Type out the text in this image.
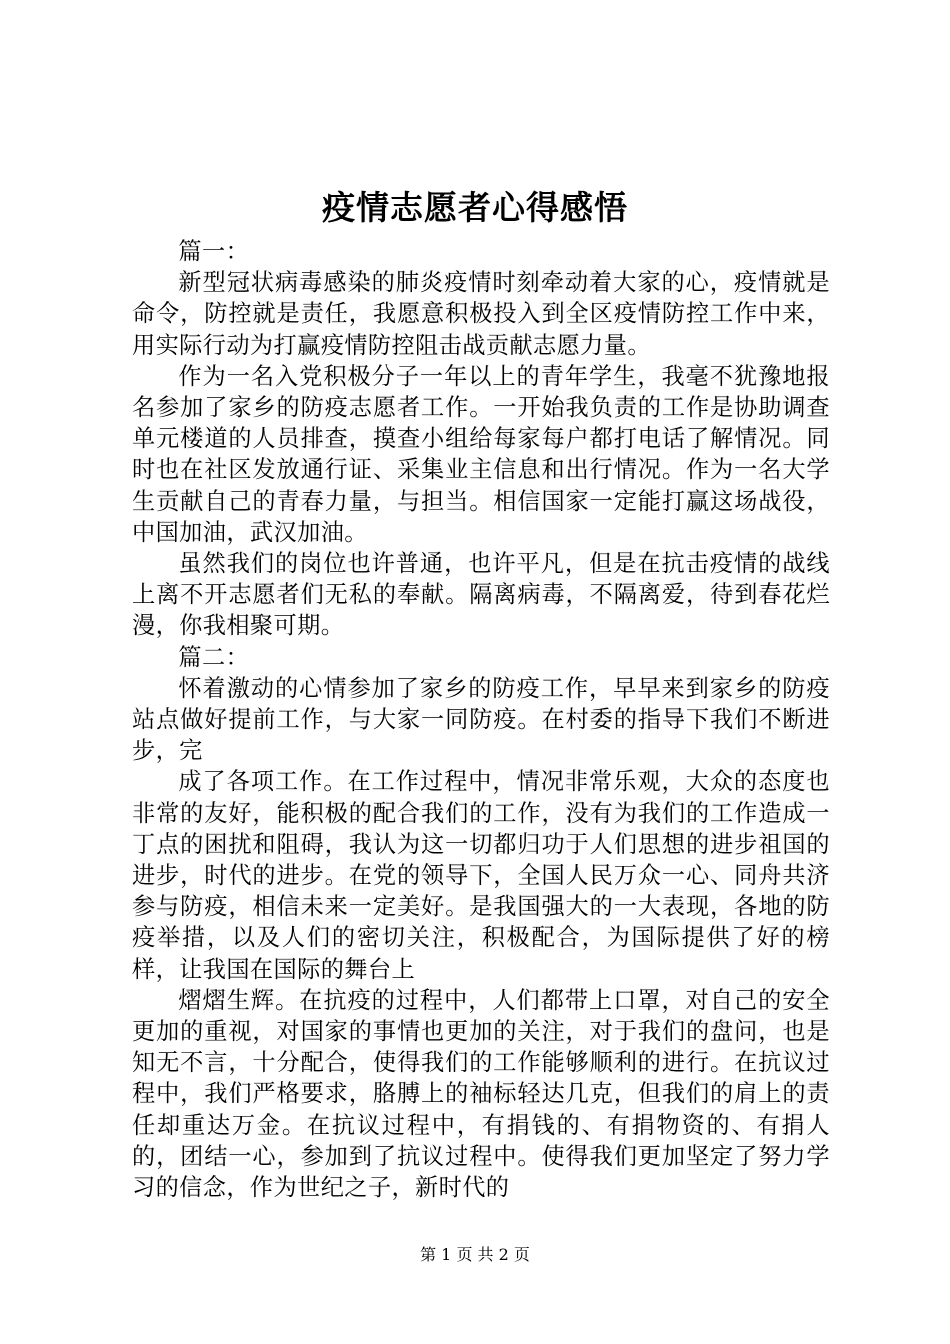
疫情志愿者心得感悟

篇一：

新型冠状病毒感染的肺炎疫情时刻牵动着大家的心，疫情就是命令，防控就是责任，我愿意积极投入到全区疫情防控工作中来，用实际行动为打赢疫情防控阻击战贡献志愿力量。

作为一名入党积极分子一年以上的青年学生，我毫不犹豫地报名参加了家乡的防疫志愿者工作。一开始我负责的工作是协助调查单元楼道的人员排查，摸查小组给每家每户都打电话了解情况。同时也在社区发放通行证、采集业主信息和出行情况。作为一名大学生贡献自己的青春力量，与担当。相信国家一定能打赢这场战役，中国加油，武汉加油。

虽然我们的岗位也许普通，也许平凡，但是在抗击疫情的战线上离不开志愿者们无私的奉献。隔离病毒，不隔离爱，待到春花烂漫，你我相聚可期。

篇二：

怀着激动的心情参加了家乡的防疫工作，早早来到家乡的防疫站点做好提前工作，与大家一同防疫。在村委的指导下我们不断进步，完

成了各项工作。在工作过程中，情况非常乐观，大众的态度也非常的友好，能积极的配合我们的工作，没有为我们的工作造成一丁点的困扰和阻碍，我认为这一切都归功于人们思想的进步祖国的进步，时代的进步。在党的领导下，全国人民万众一心、同舟共济参与防疫，相信未来一定美好。是我国强大的一大表现，各地的防疫举措，以及人们的密切关注，积极配合，为国际提供了好的榜样，让我国在国际的舞台上

熠熠生辉。在抗疫的过程中，人们都带上口罩，对自己的安全更加的重视，对国家的事情也更加的关注，对于我们的盘问，也是知无不言，十分配合，使得我们的工作能够顺利的进行。在抗议过程中，我们严格要求，胳膊上的袖标轻达几克，但我们的肩上的责任却重达万金。在抗议过程中，有捐钱的、有捐物资的、有捐人的，团结一心，参加到了抗议过程中。使得我们更加坚定了努力学习的信念，作为世纪之子，新时代的

第 1 页 共 2 页
